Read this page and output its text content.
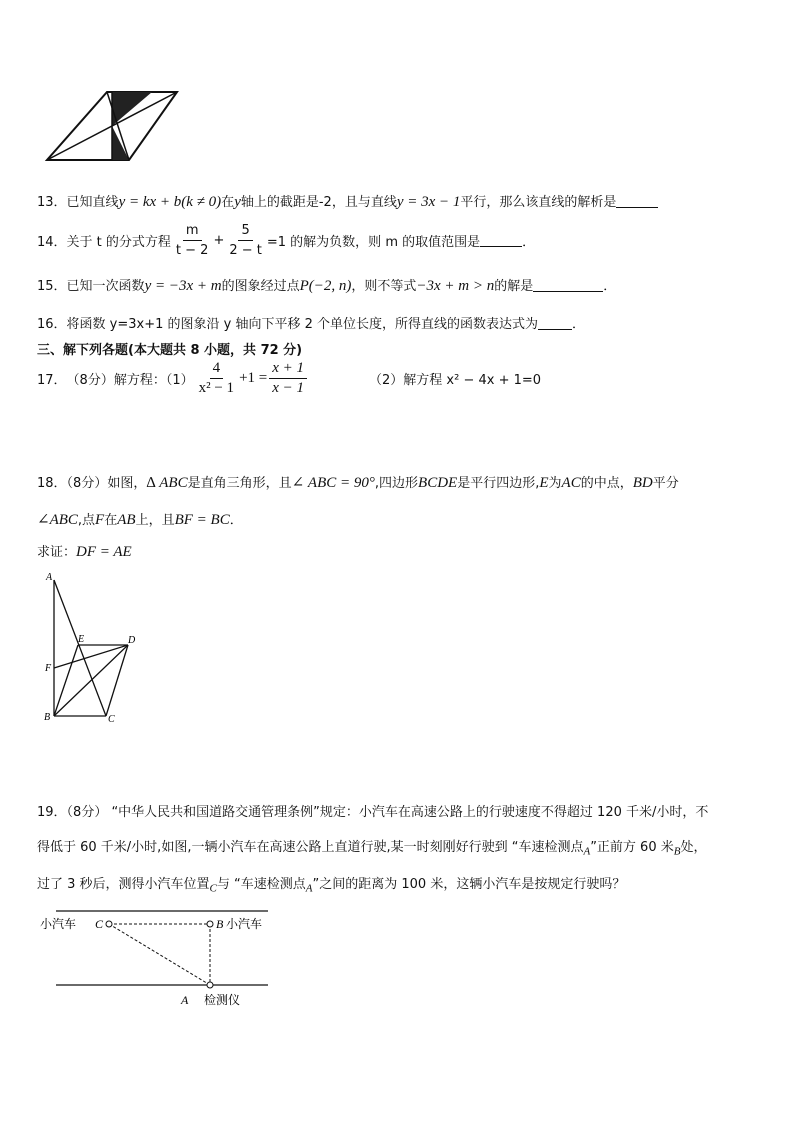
13．已知直线y = kx + b(k ≠ 0)在y轴上的截距是-2，且与直线y = 3x − 1平行，那么该直线的解析是
14． 关于 t 的分式方程 $\frac{m}{t - 2} + \frac{5}{2 - t} =1$ 的解为负数，则 m 的取值范围是	．
15．已知一次函数y = −3x + m的图象经过点P(−2, n)，则不等式−3x + m > n的解是	．
16．将函数 y=3x+1 的图象沿 y 轴向下平移 2 个单位长度，所得直线的函数表达式为	．
三、解下列各题(本大题共 8 小题，共 72 分)
17． （8分）解方程：$(1) \frac{4}{\text{x² − 1}} +1 = \frac{x + 1}{x - 1}$	（2）解方程 x² − 4x + 1=0
18．（8分）如图，∆ ABC是直角三角形，且∠ ABC = 90°,四边形BCDE是平行四边形,E为AC的中点，BD平分
∠ABC,点F在AB上，且BF = BC．
求证：DF = AE
A
B	C
D
E
F
19．（8分） “中华人民共和国道路交通管理条例”规定：小汽车在高速公路上的行驶速度不得超过 120 千米/小时，不
得低于 60 千米/小时,如图,一辆小汽车在高速公路上直道行驶,某一时刻刚好行驶到 “车速检测点$_A$”正前方 60 米$_B$处，
过了 3 秒后，测得小汽车位置$_C$与 “车速检测点$_A$”之间的距离为 100 米，这辆小汽车是按规定行驶吗？
小汽车 C	B 小汽车
A 检测仪
